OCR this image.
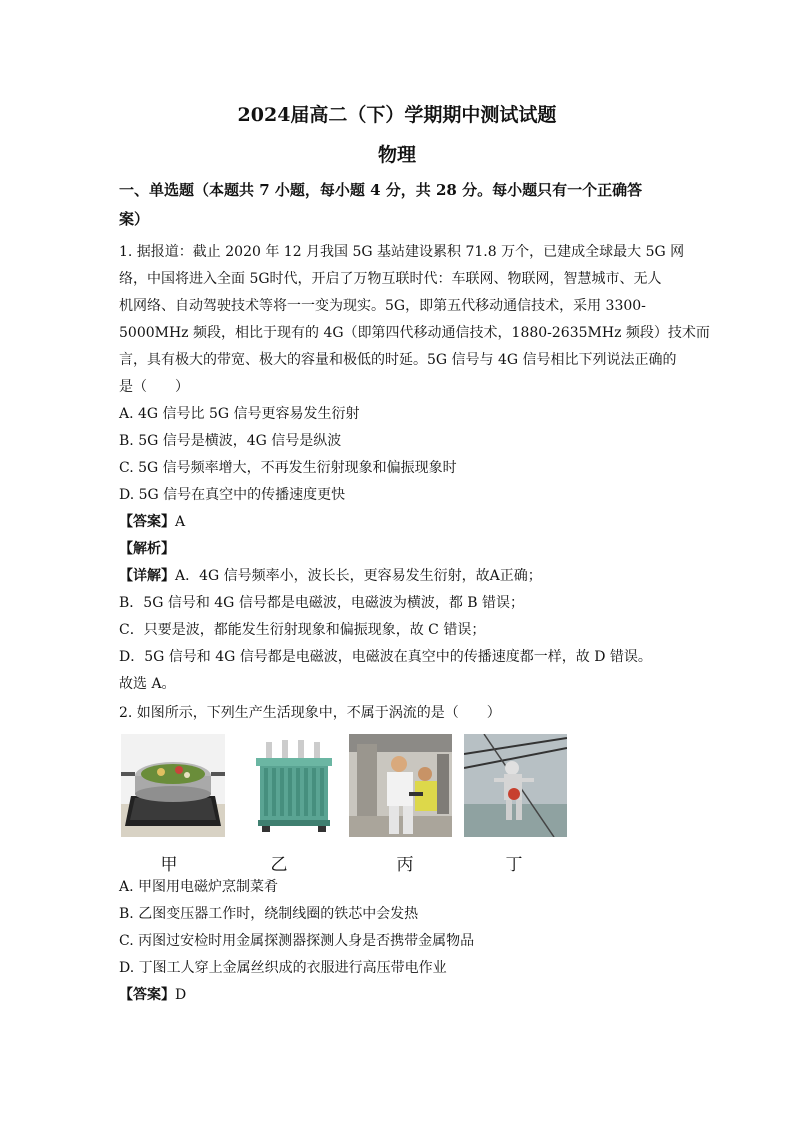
2024届高二（下）学期期中测试试题
物理
一、单选题（本题共 7 小题，每小题 4 分，共 28 分。每小题只有一个正确答
案）
1. 据报道：截止 2020 年 12 月我国 5G 基站建设累积 71.8 万个，已建成全球最大 5G 网
络，中国将进入全面 5G时代，开启了万物互联时代：车联网、物联网，智慧城市、无人
机网络、自动驾驶技术等将一一变为现实。5G，即第五代移动通信技术，采用 3300-
5000MHz 频段，相比于现有的 4G（即第四代移动通信技术，1880-2635MHz 频段）技术而
言，具有极大的带宽、极大的容量和极低的时延。5G 信号与 4G 信号相比下列说法正确的
是（　　）
A. 4G 信号比 5G 信号更容易发生衍射
B. 5G 信号是横波，4G 信号是纵波
C. 5G 信号频率增大，不再发生衍射现象和偏振现象时
D. 5G 信号在真空中的传播速度更快
【答案】A
【解析】
【详解】A．4G 信号频率小，波长长，更容易发生衍射，故A正确；
B．5G 信号和 4G 信号都是电磁波，电磁波为横波，都 B 错误；
C．只要是波，都能发生衍射现象和偏振现象，故 C 错误；
D．5G 信号和 4G 信号都是电磁波，电磁波在真空中的传播速度都一样，故 D 错误。
故选 A。
2. 如图所示，下列生产生活现象中，不属于涡流的是（　　）
甲	乙	丙	丁
A. 甲图用电磁炉烹制菜肴
B. 乙图变压器工作时，绕制线圈的铁芯中会发热
C. 丙图过安检时用金属探测器探测人身是否携带金属物品
D. 丁图工人穿上金属丝织成的衣服进行高压带电作业
【答案】D
